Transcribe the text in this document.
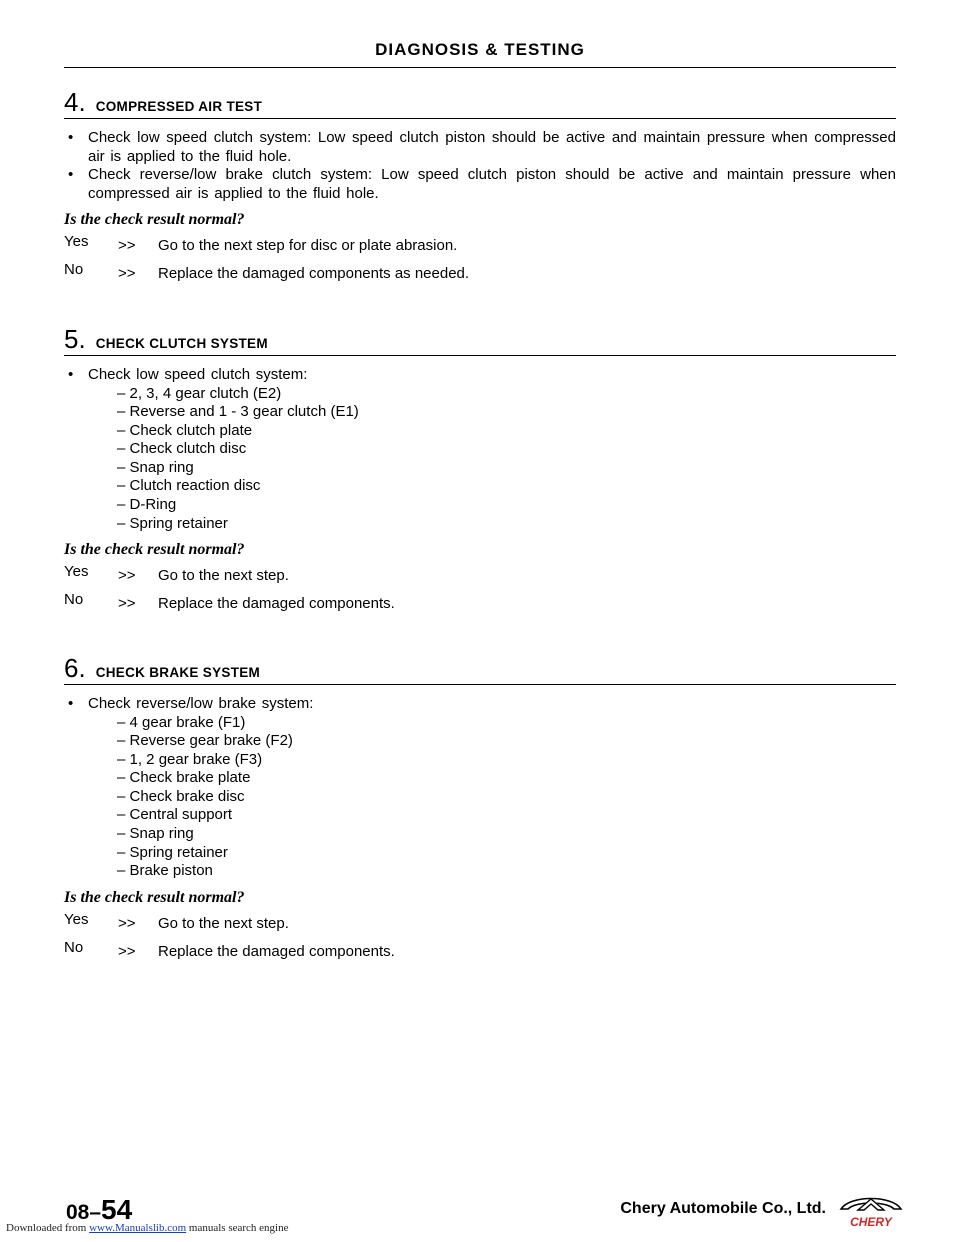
DIAGNOSIS & TESTING
4. COMPRESSED AIR TEST
• Check low speed clutch system: Low speed clutch piston should be active and maintain pressure when compressed air is applied to the fluid hole.
• Check reverse/low brake clutch system: Low speed clutch piston should be active and maintain pressure when compressed air is applied to the fluid hole.
Is the check result normal?
Yes	>>	Go to the next step for disc or plate abrasion.
No	>>	Replace the damaged components as needed.
5. CHECK CLUTCH SYSTEM
• Check low speed clutch system:
– 2, 3, 4 gear clutch (E2)
– Reverse and 1 - 3 gear clutch (E1)
– Check clutch plate
– Check clutch disc
– Snap ring
– Clutch reaction disc
– D-Ring
– Spring retainer
Is the check result normal?
Yes	>>	Go to the next step.
No	>>	Replace the damaged components.
6. CHECK BRAKE SYSTEM
• Check reverse/low brake system:
– 4 gear brake (F1)
– Reverse gear brake (F2)
– 1, 2 gear brake (F3)
– Check brake plate
– Check brake disc
– Central support
– Snap ring
– Spring retainer
– Brake piston
Is the check result normal?
Yes	>>	Go to the next step.
No	>>	Replace the damaged components.
08–54	Chery Automobile Co., Ltd.
CHERY
Downloaded from www.Manualslib.com manuals search engine
